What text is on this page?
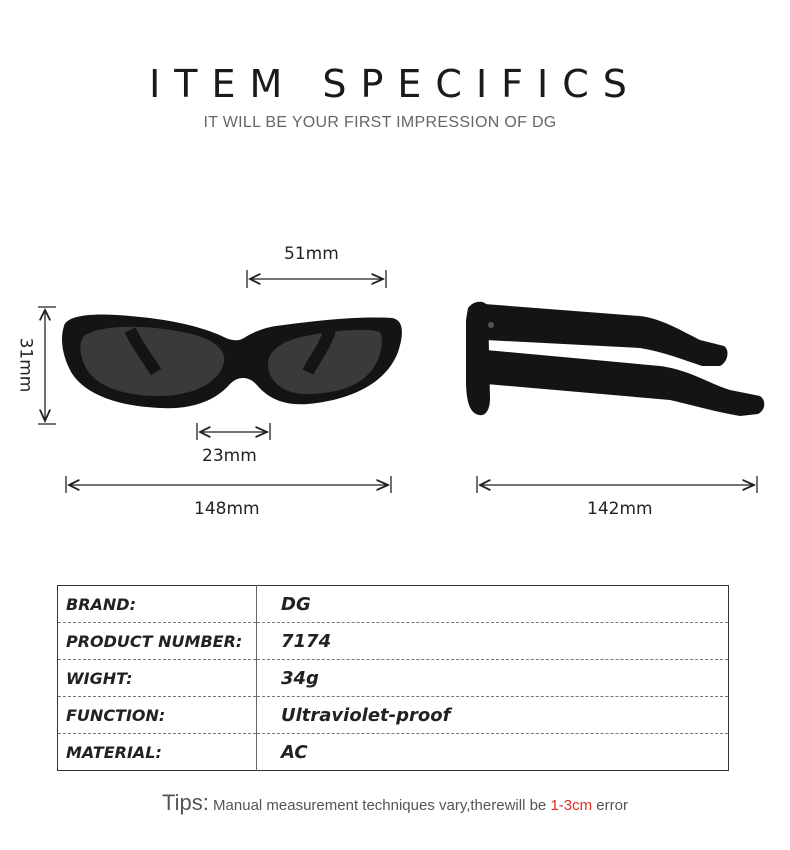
ITEM SPECIFICS
IT WILL BE YOUR FIRST IMPRESSION OF DG
51mm
31mm
23mm
148mm	142mm
BRAND:	DG
PRODUCT NUMBER:	7174
WIGHT:	34g
FUNCTION:	Ultraviolet-proof
MATERIAL:	AC
Tips: Manual measurement techniques vary,therewill be 1-3cm error
